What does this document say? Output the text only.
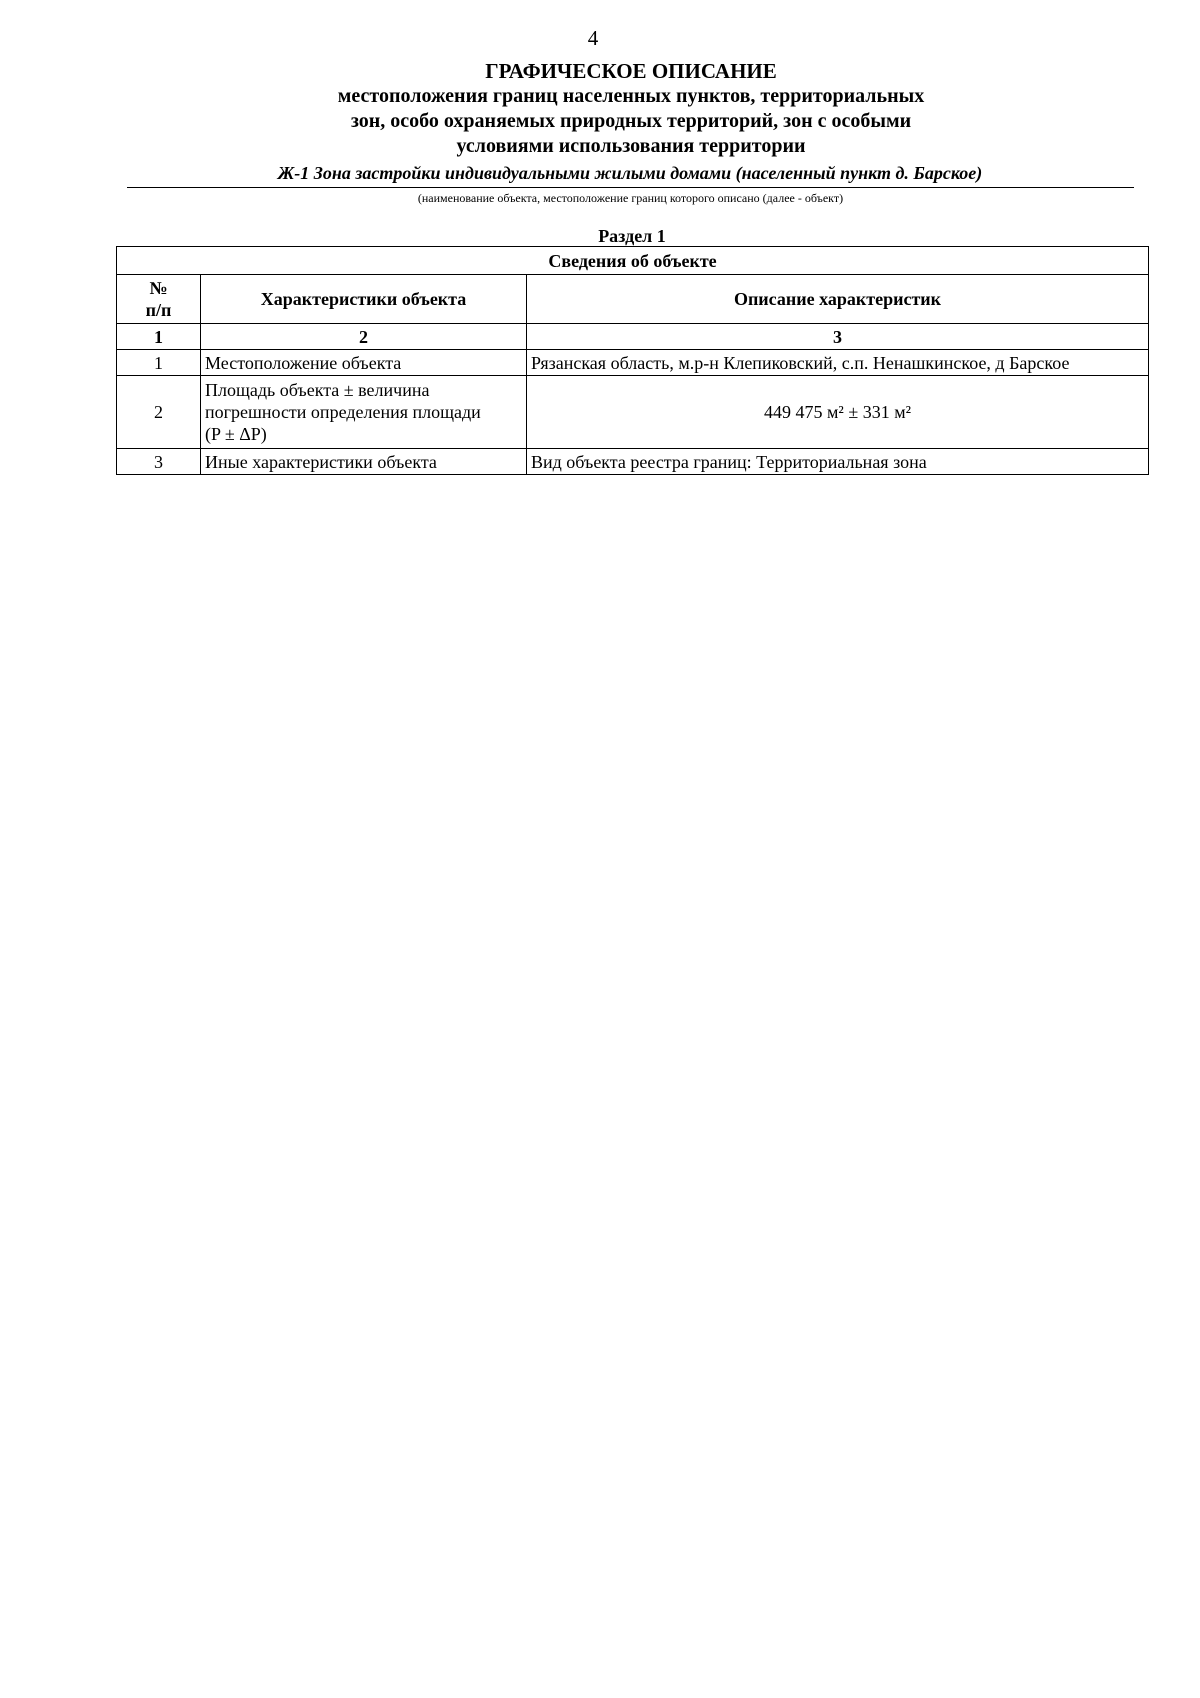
4
ГРАФИЧЕСКОЕ ОПИСАНИЕ
местоположения границ населенных пунктов, территориальных
зон, особо охраняемых природных территорий, зон с особыми
условиями использования территории
Ж-1 Зона застройки индивидуальными жилыми домами (населенный пункт д. Барское)
(наименование объекта, местоположение границ которого описано (далее - объект)
Раздел 1
Сведения об объекте		

№
п/п	Характеристики объекта	Описание характеристик
1	2	3
1	Местоположение объекта	Рязанская область, м.р-н Клепиковский, с.п. Ненашкинское, д Барское
2	Площадь объекта ± величина
погрешности определения площади
(P ± ΔP)	449 475 м² ± 331 м²
3	Иные характеристики объекта	Вид объекта реестра границ: Территориальная зона
